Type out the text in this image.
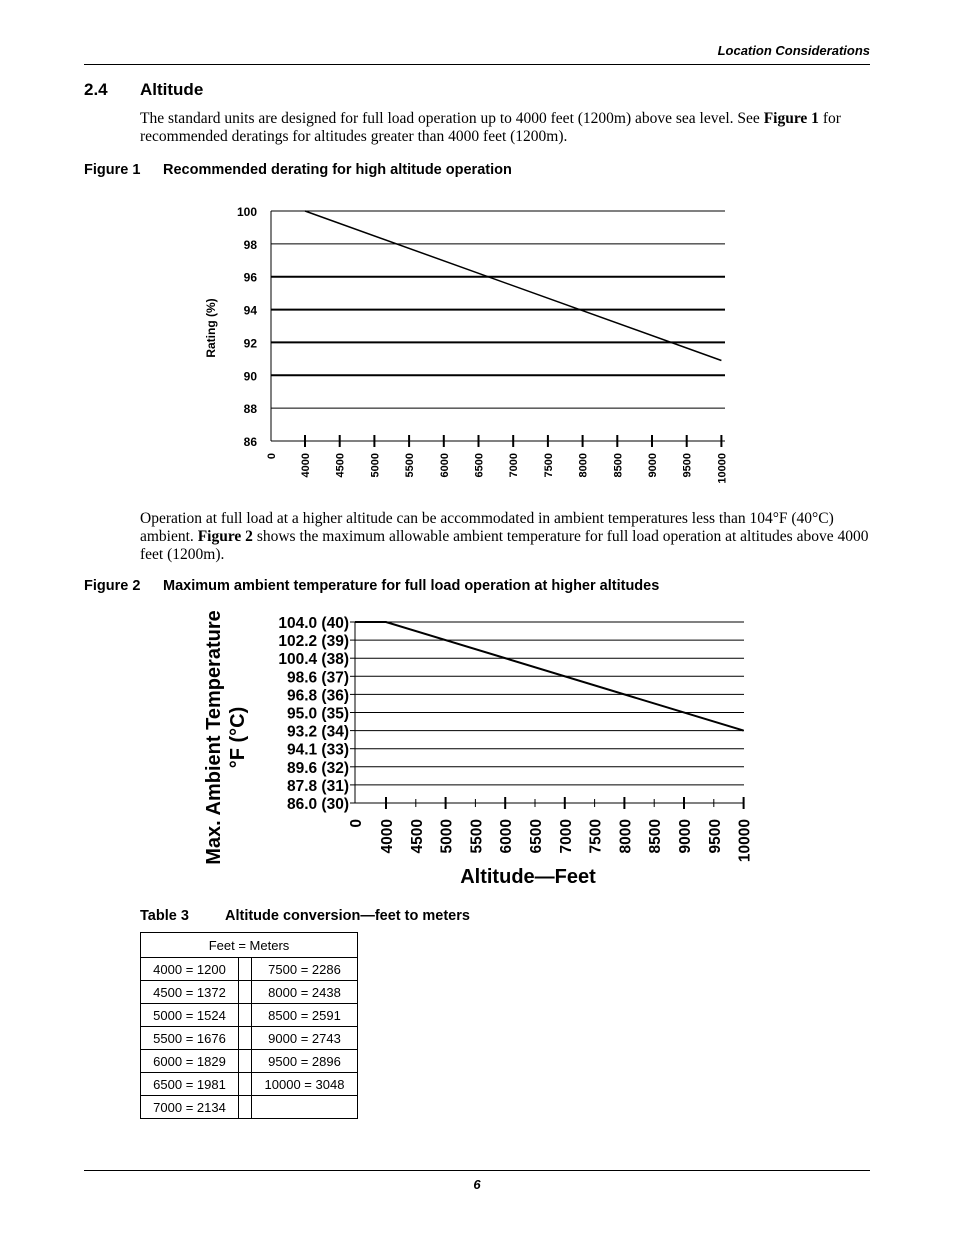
Location Considerations
2.4 Altitude
The standard units are designed for full load operation up to 4000 feet (1200m) above sea level. See Figure 1 for recommended deratings for altitudes greater than 4000 feet (1200m).
Figure 1 Recommended derating for high altitude operation
86
88
90
92
94
96
98
100
0 4000 4500 5000 5500 6000 6500 7000 7500 8000 8500 9000 9500 10000
Rating (%)
Operation at full load at a higher altitude can be accommodated in ambient temperatures less than 104°F (40°C) ambient. Figure 2 shows the maximum allowable ambient temperature for full load operation at altitudes above 4000 feet (1200m).
Figure 2 Maximum ambient temperature for full load operation at higher altitudes
86.0 (30)
87.8 (31)
89.6 (32)
94.1 (33)
93.2 (34)
95.0 (35)
96.8 (36)
98.6 (37)
100.4 (38)
102.2 (39)
104.0 (40)
0 4000 4500 5000 5500 6000 6500 7000 7500 8000 8500 9000 9500 10000
Altitude—Feet
Max. Ambient Temperature °F (°C)
Table 3 Altitude conversion—feet to meters
Feet = Meters		
4000 = 1200		7500 = 2286
4500 = 1372		8000 = 2438
5000 = 1524		8500 = 2591
5500 = 1676		9000 = 2743
6000 = 1829		9500 = 2896
6500 = 1981		10000 = 3048
7000 = 2134		
6
